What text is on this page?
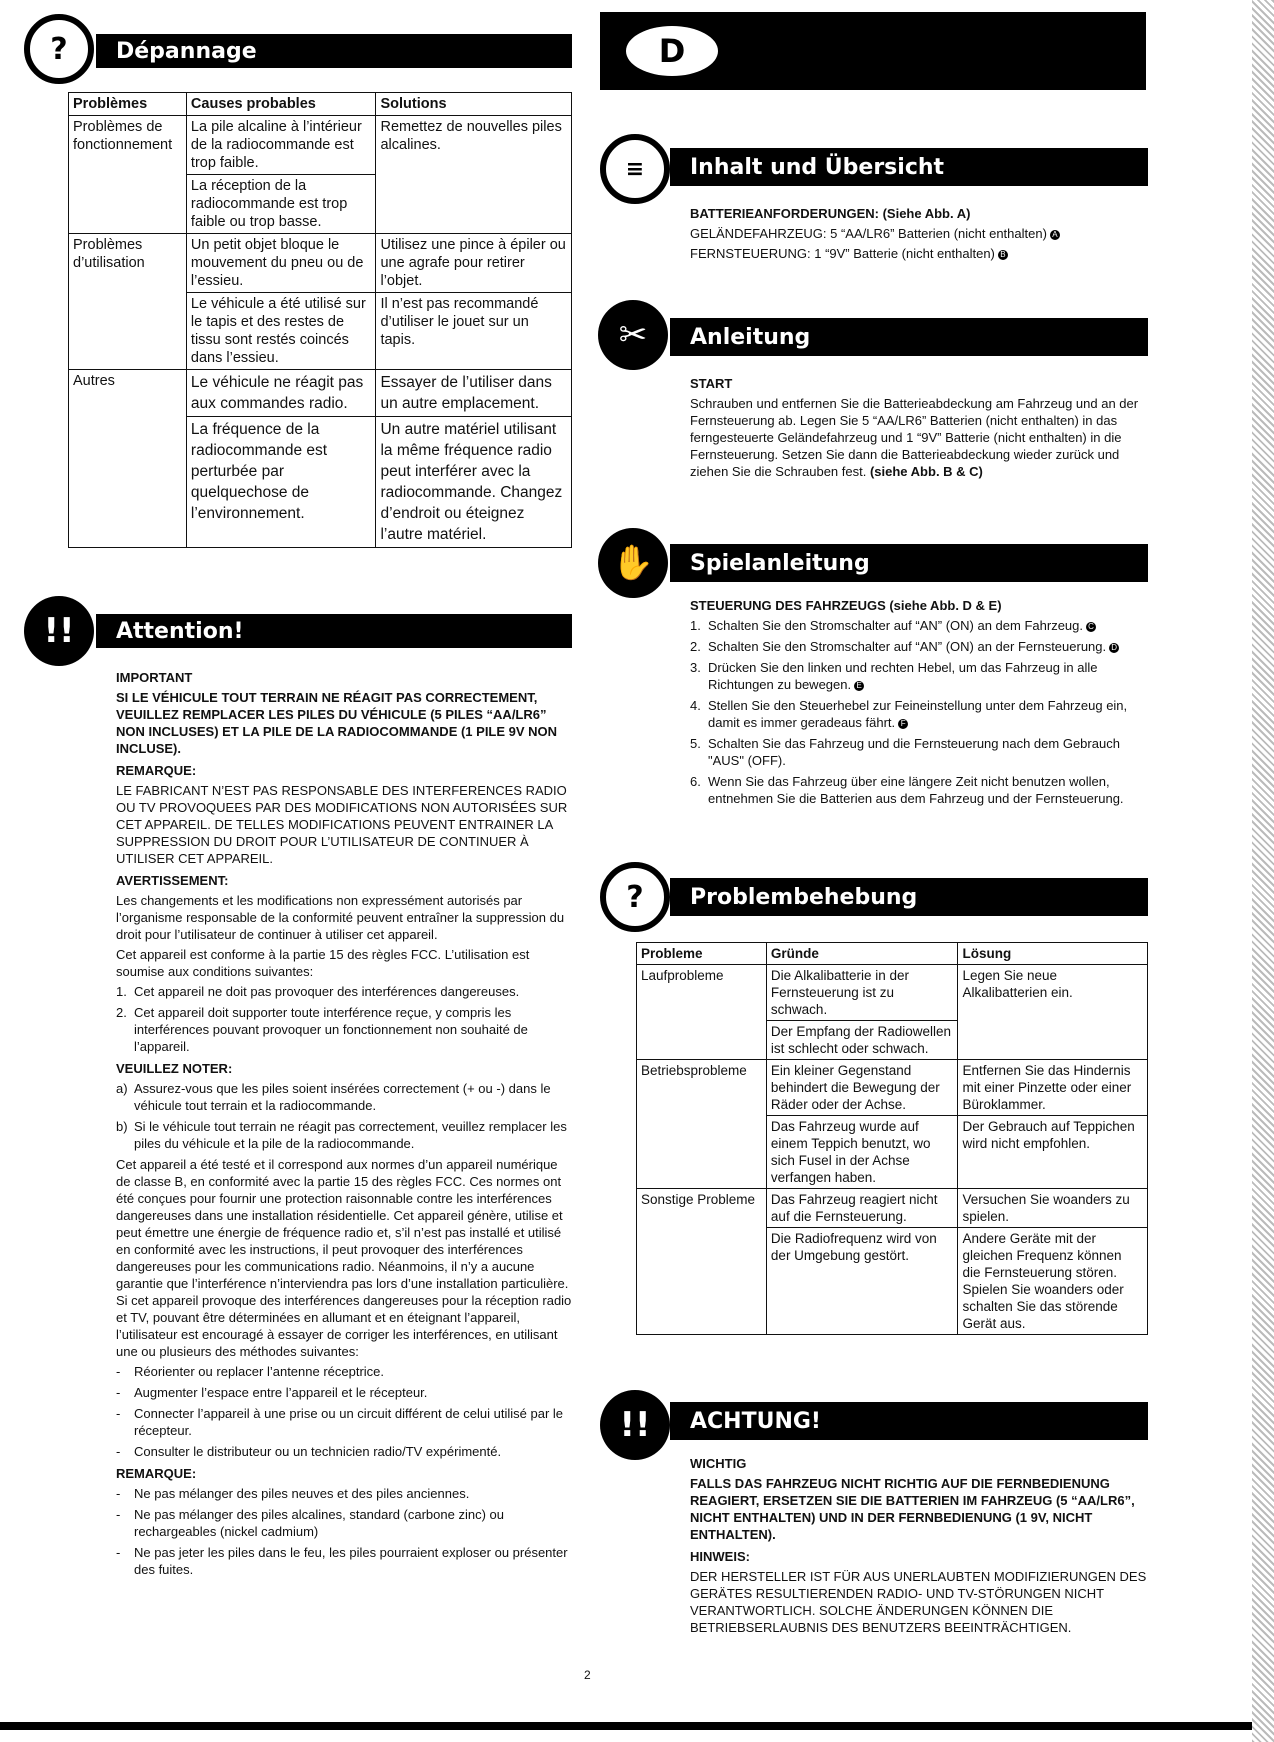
?	Dépannage
Problèmes	Causes probables	Solutions
Problèmes de fonctionnement	La pile alcaline à l’intérieur de la radiocommande est trop faible.	Remettez de nouvelles piles alcalines.
	La réception de la radiocommande est trop faible ou trop basse.	
Problèmes d’utilisation	Un petit objet bloque le mouvement du pneu ou de l’essieu.	Utilisez une pince à épiler ou une agrafe pour retirer l’objet.
	Le véhicule a été utilisé sur le tapis et des restes de tissu sont restés coincés dans l’essieu.	Il n’est pas recommandé d’utiliser le jouet sur un tapis.
Autres	Le véhicule ne réagit pas aux commandes radio.	Essayer de l’utiliser dans un autre emplacement.
	La fréquence de la radiocommande est perturbée par quelquechose de l’environnement.	Un autre matériel utilisant la même fréquence radio peut interférer avec la radiocommande. Changez d’endroit ou éteignez l’autre matériel.
!!	Attention!
IMPORTANT

SI LE VÉHICULE TOUT TERRAIN NE RÉAGIT PAS CORRECTEMENT, VEUILLEZ REMPLACER LES PILES DU VÉHICULE (5 PILES “AA/LR6” NON INCLUSES) ET LA PILE DE LA RADIOCOMMANDE (1 PILE 9V NON INCLUSE).

REMARQUE:

LE FABRICANT N’EST PAS RESPONSABLE DES INTERFERENCES RADIO OU TV PROVOQUEES PAR DES MODIFICATIONS NON AUTORISÉES SUR CET APPAREIL. DE TELLES MODIFICATIONS PEUVENT ENTRAINER LA SUPPRESSION DU DROIT POUR L’UTILISATEUR DE CONTINUER À UTILISER CET APPAREIL.

AVERTISSEMENT:

Les changements et les modifications non expressément autorisés par l’organisme responsable de la conformité peuvent entraîner la suppression du droit pour l’utilisateur de continuer à utiliser cet appareil.

Cet appareil est conforme à la partie 15 des règles FCC. L’utilisation est soumise aux conditions suivantes:

1. Cet appareil ne doit pas provoquer des interférences dangereuses.
2. Cet appareil doit supporter toute interférence reçue, y compris les interférences pouvant provoquer un fonctionnement non souhaité de l’appareil.
VEUILLEZ NOTER:
a) Assurez-vous que les piles soient insérées correctement (+ ou -) dans le véhicule tout terrain et la radiocommande.
b) Si le véhicule tout terrain ne réagit pas correctement, veuillez remplacer les piles du véhicule et la pile de la radiocommande.

Cet appareil a été testé et il correspond aux normes d’un appareil numérique de classe B, en conformité avec la partie 15 des règles FCC. Ces normes ont été conçues pour fournir une protection raisonnable contre les interférences dangereuses dans une installation résidentielle. Cet appareil génère, utilise et peut émettre une énergie de fréquence radio et, s’il n’est pas installé et utilisé en conformité avec les instructions, il peut provoquer des interférences dangereuses pour les communications radio. Néanmoins, il n’y a aucune garantie que l’interférence n’interviendra pas lors d’une installation particulière. Si cet appareil provoque des interférences dangereuses pour la réception radio et TV, pouvant être déterminées en allumant et en éteignant l’appareil, l’utilisateur est encouragé à essayer de corriger les interférences, en utilisant une ou plusieurs des méthodes suivantes:

- Réorienter ou replacer l’antenne réceptrice.
- Augmenter l’espace entre l’appareil et le récepteur.
- Connecter l’appareil à une prise ou un circuit différent de celui utilisé par le récepteur.
- Consulter le distributeur ou un technicien radio/TV expérimenté.
REMARQUE:
- Ne pas mélanger des piles neuves et des piles anciennes.
- Ne pas mélanger des piles alcalines, standard (carbone zinc) ou rechargeables (nickel cadmium)
- Ne pas jeter les piles dans le feu, les piles pourraient exploser ou présenter des fuites.
D
≡	Inhalt und Übersicht
BATTERIEANFORDERUNGEN: (Siehe Abb. A)

GELÄNDEFAHRZEUG: 5 “AA/LR6” Batterien (nicht enthalten) A

FERNSTEUERUNG: 1 “9V” Batterie (nicht enthalten) B

✂	Anleitung
START

Schrauben und entfernen Sie die Batterieabdeckung am Fahrzeug und an der Fernsteuerung ab. Legen Sie 5 “AA/LR6” Batterien (nicht enthalten) in das ferngesteuerte Geländefahrzeug und 1 “9V” Batterie (nicht enthalten) in die Fernsteuerung. Setzen Sie dann die Batterieabdeckung wieder zurück und ziehen Sie die Schrauben fest. (siehe Abb. B & C)

✋	Spielanleitung
STEUERUNG DES FAHRZEUGS (siehe Abb. D & E)
1. Schalten Sie den Stromschalter auf “AN” (ON) an dem Fahrzeug. C
2. Schalten Sie den Stromschalter auf “AN” (ON) an der Fernsteuerung. D
3. Drücken Sie den linken und rechten Hebel, um das Fahrzeug in alle Richtungen zu bewegen. E
4. Stellen Sie den Steuerhebel zur Feineinstellung unter dem Fahrzeug ein, damit es immer geradeaus fährt. F
5. Schalten Sie das Fahrzeug und die Fernsteuerung nach dem Gebrauch "AUS" (OFF).
6. Wenn Sie das Fahrzeug über eine längere Zeit nicht benutzen wollen, entnehmen Sie die Batterien aus dem Fahrzeug und der Fernsteuerung.
?	Problembehebung
Probleme	Gründe	Lösung
Laufprobleme	Die Alkalibatterie in der Fernsteuerung ist zu schwach.	Legen Sie neue Alkalibatterien ein.
	Der Empfang der Radiowellen ist schlecht oder schwach.	
Betriebsprobleme	Ein kleiner Gegenstand behindert die Bewegung der Räder oder der Achse.	Entfernen Sie das Hindernis mit einer Pinzette oder einer Büroklammer.
	Das Fahrzeug wurde auf einem Teppich benutzt, wo sich Fusel in der Achse verfangen haben.	Der Gebrauch auf Teppichen wird nicht empfohlen.
Sonstige Probleme	Das Fahrzeug reagiert nicht auf die Fernsteuerung.	Versuchen Sie woanders zu spielen.
	Die Radiofrequenz wird von der Umgebung gestört.	Andere Geräte mit der gleichen Frequenz können die Fernsteuerung stören. Spielen Sie woanders oder schalten Sie das störende Gerät aus.
!!	ACHTUNG!
WICHTIG

FALLS DAS FAHRZEUG NICHT RICHTIG AUF DIE FERNBEDIENUNG REAGIERT, ERSETZEN SIE DIE BATTERIEN IM FAHRZEUG (5 “AA/LR6”, NICHT ENTHALTEN) UND IN DER FERNBEDIENUNG (1 9V, NICHT ENTHALTEN).

HINWEIS:

DER HERSTELLER IST FÜR AUS UNERLAUBTEN MODIFIZIERUNGEN DES GERÄTES RESULTIERENDEN RADIO- UND TV-STÖRUNGEN NICHT VERANTWORTLICH. SOLCHE ÄNDERUNGEN KÖNNEN DIE BETRIEBSERLAUBNIS DES BENUTZERS BEEINTRÄCHTIGEN.

2
